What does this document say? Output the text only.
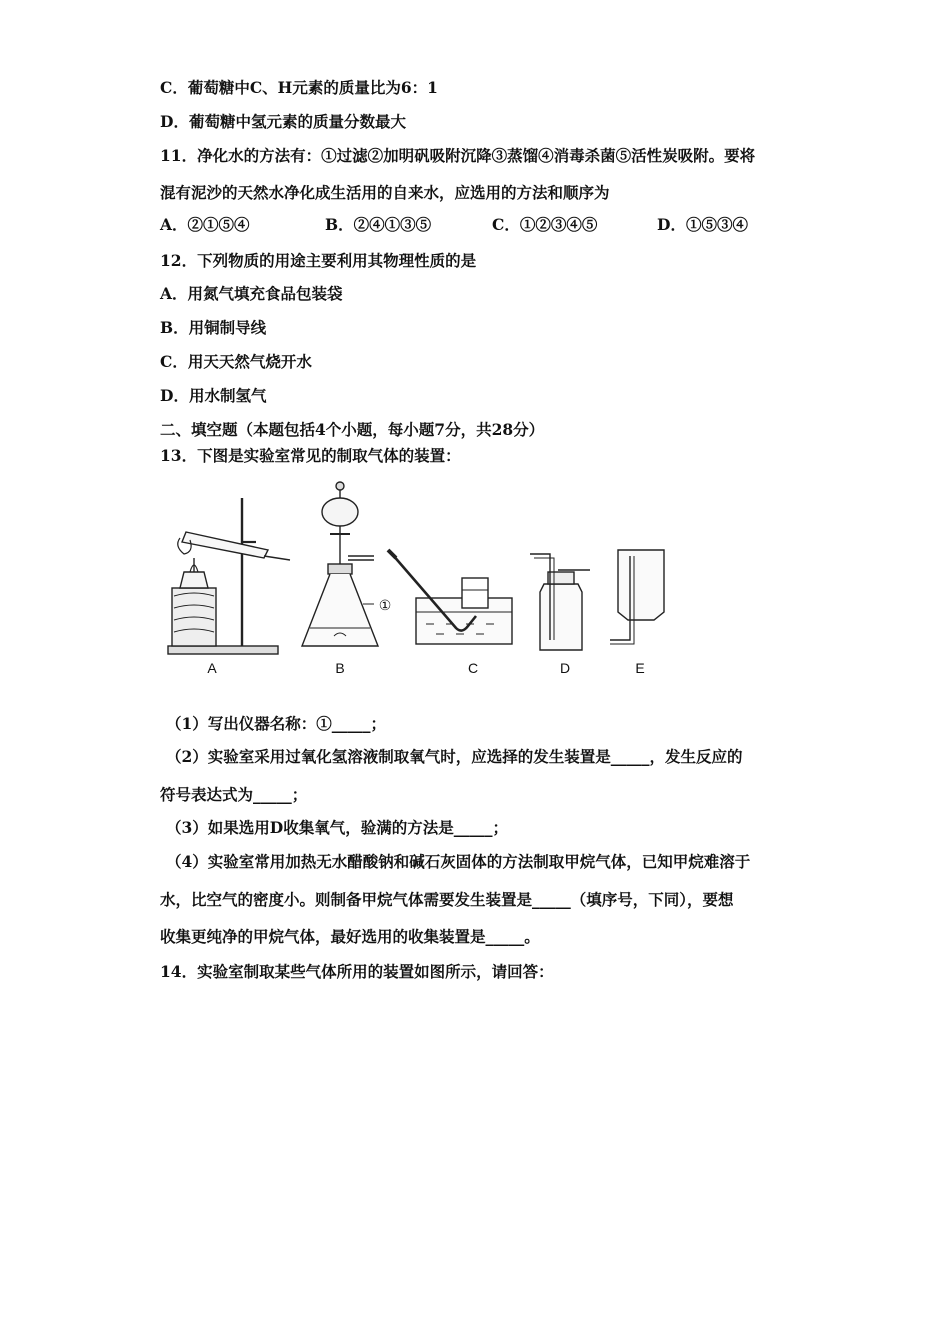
C．葡萄糖中C、H元素的质量比为6：1
D．葡萄糖中氢元素的质量分数最大
11．净化水的方法有：①过滤②加明矾吸附沉降③蒸馏④消毒杀菌⑤活性炭吸附。要将
混有泥沙的天然水净化成生活用的自来水，应选用的方法和顺序为
A．②①⑤④	B．②④①③⑤	C．①②③④⑤	D．①⑤③④
12．下列物质的用途主要利用其物理性质的是
A．用氮气填充食品包装袋
B．用铜制导线
C．用天天然气烧开水
D．用水制氢气
二、填空题（本题包括4个小题，每小题7分，共28分）
13．下图是实验室常见的制取气体的装置：
A
①
B	C	D	E
（1）写出仪器名称：①_____；
（2）实验室采用过氧化氢溶液制取氧气时，应选择的发生装置是_____，发生反应的
符号表达式为_____；
（3）如果选用D收集氧气，验满的方法是_____；
（4）实验室常用加热无水醋酸钠和碱石灰固体的方法制取甲烷气体，已知甲烷难溶于
水，比空气的密度小。则制备甲烷气体需要发生装置是_____（填序号，下同），要想
收集更纯净的甲烷气体，最好选用的收集装置是_____。
14．实验室制取某些气体所用的装置如图所示，请回答：
